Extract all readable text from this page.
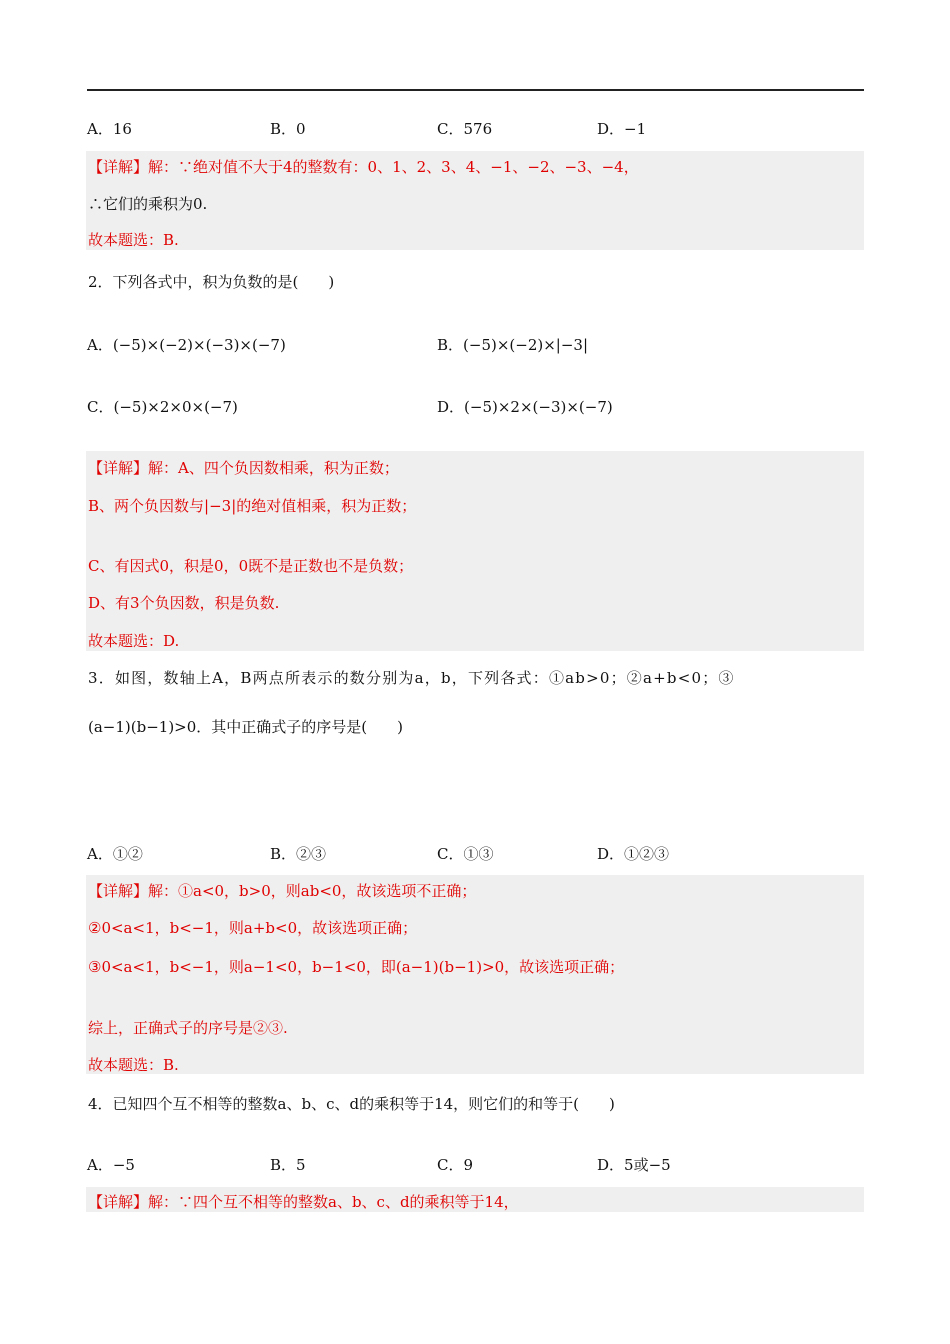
A．16	B．0	C．576	D．−1
【详解】解：∵绝对值不大于4的整数有：0、1、2、3、4、−1、−2、−3、−4，
∴它们的乘积为0.
故本题选：B.
2．下列各式中，积为负数的是(　　)
A．(−5)×(−2)×(−3)×(−7)	B．(−5)×(−2)×|−3|
C．(−5)×2×0×(−7)	D．(−5)×2×(−3)×(−7)
【详解】解：A、四个负因数相乘，积为正数；
B、两个负因数与|−3|的绝对值相乘，积为正数；
C、有因式0，积是0，0既不是正数也不是负数；
D、有3个负因数，积是负数.
故本题选：D.
3．如图，数轴上A，B两点所表示的数分别为a，b，下列各式：①ab>0；②a+b<0；③
(a−1)(b−1)>0．其中正确式子的序号是(　　)
A．①②	B．②③	C．①③	D．①②③
【详解】解：①a<0，b>0，则ab<0，故该选项不正确；
②0<a<1，b<−1，则a+b<0，故该选项正确；
③0<a<1，b<−1，则a−1<0，b−1<0，即(a−1)(b−1)>0，故该选项正确；
综上，正确式子的序号是②③.
故本题选：B.
4．已知四个互不相等的整数a、b、c、d的乘积等于14，则它们的和等于(　　)
A．−5	B．5	C．9	D．5或−5
【详解】解：∵四个互不相等的整数a、b、c、d的乘积等于14，
